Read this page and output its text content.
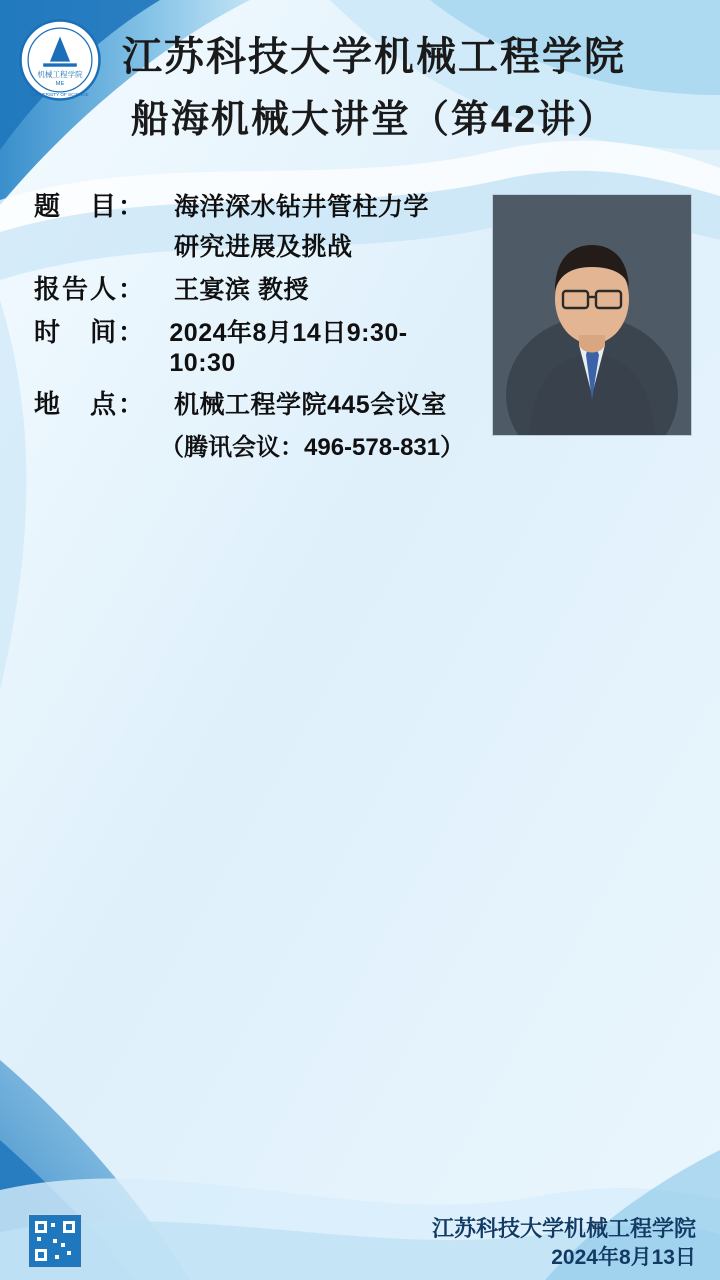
机械工程学院
ME
UNIVERSITY OF SCIENCE
江苏科技大学机械工程学院
船海机械大讲堂（第42讲）
题　目：	海洋深水钻井管柱力学
研究进展及挑战
报告人：	王宴滨 教授
时　间： 2024年8月14日9:30-10:30
地　点：	机械工程学院445会议室
（腾讯会议：496-578-831）
江苏科技大学机械工程学院
2024年8月13日
